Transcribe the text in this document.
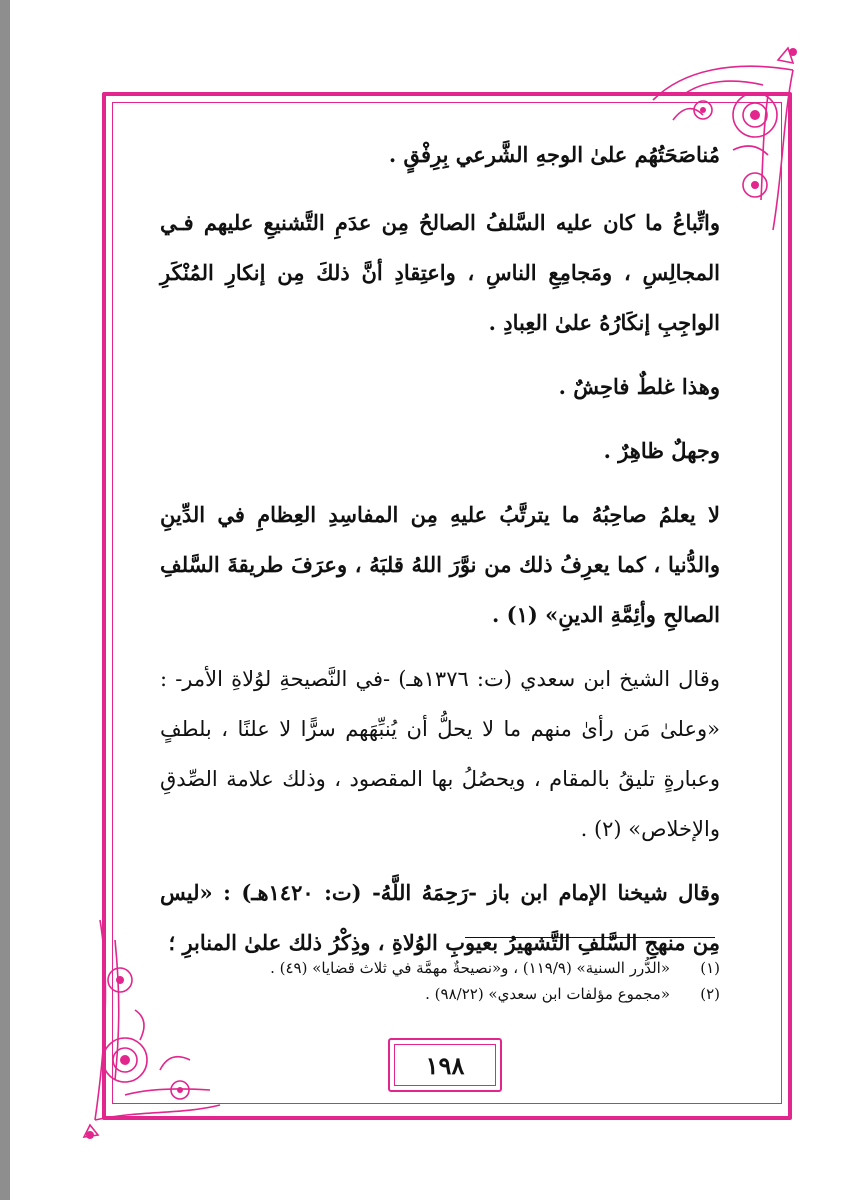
مُناصَحَتُهُم علىٰ الوجهِ الشَّرعي بِرِفْقٍ .

واتِّباعُ ما كان عليه السَّلفُ الصالحُ مِن عدَمِ التَّشنيعِ عليهم فـي المجالِسِ ، ومَجامِعِ الناسِ ، واعتِقادِ أنَّ ذلكَ مِن إنكارِ المُنْكَرِ الواجِبِ إنكَارُهُ علىٰ العِبادِ .

وهذا غلطٌ فاحِشٌ .

وجهلٌ ظاهِرٌ .

لا يعلمُ صاحِبُهُ ما يترتَّبُ عليهِ مِن المفاسِدِ العِظامِ في الدِّينِ والدُّنيا ، كما يعرِفُ ذلك من نوَّرَ اللهُ قلبَهُ ، وعرَفَ طريقةَ السَّلفِ الصالحِ وأئِمَّةِ الدينِ» (١) .

وقال الشيخ ابن سعدي (ت: ١٣٧٦هـ) -في النَّصيحةِ لوُلاةِ الأمر- : «وعلىٰ مَن رأىٰ منهم ما لا يحلُّ أن يُنبِّهَهم سرًّا لا علنًا ، بلطفٍ وعبارةٍ تليقُ بالمقام ، ويحصُلُ بها المقصود ، وذلك علامة الصِّدقِ والإخلاص» (٢) .

وقال شيخنا الإمام ابن باز -رَحِمَهُ اللَّهُ- (ت: ١٤٢٠هـ) : «ليس مِن منهجِ السَّلفِ التَّشهيرُ بعيوبِ الوُلاةِ ، وذِكْرُ ذلك علىٰ المنابرِ ؛

(١)
«الدُّرر السنية» (١١٩/٩) ، و«نصيحةٌ مهمَّة في ثلاث قضايا» (٤٩) .
(٢)
«مجموع مؤلفات ابن سعدي» (٩٨/٢٢) .
١٩٨
